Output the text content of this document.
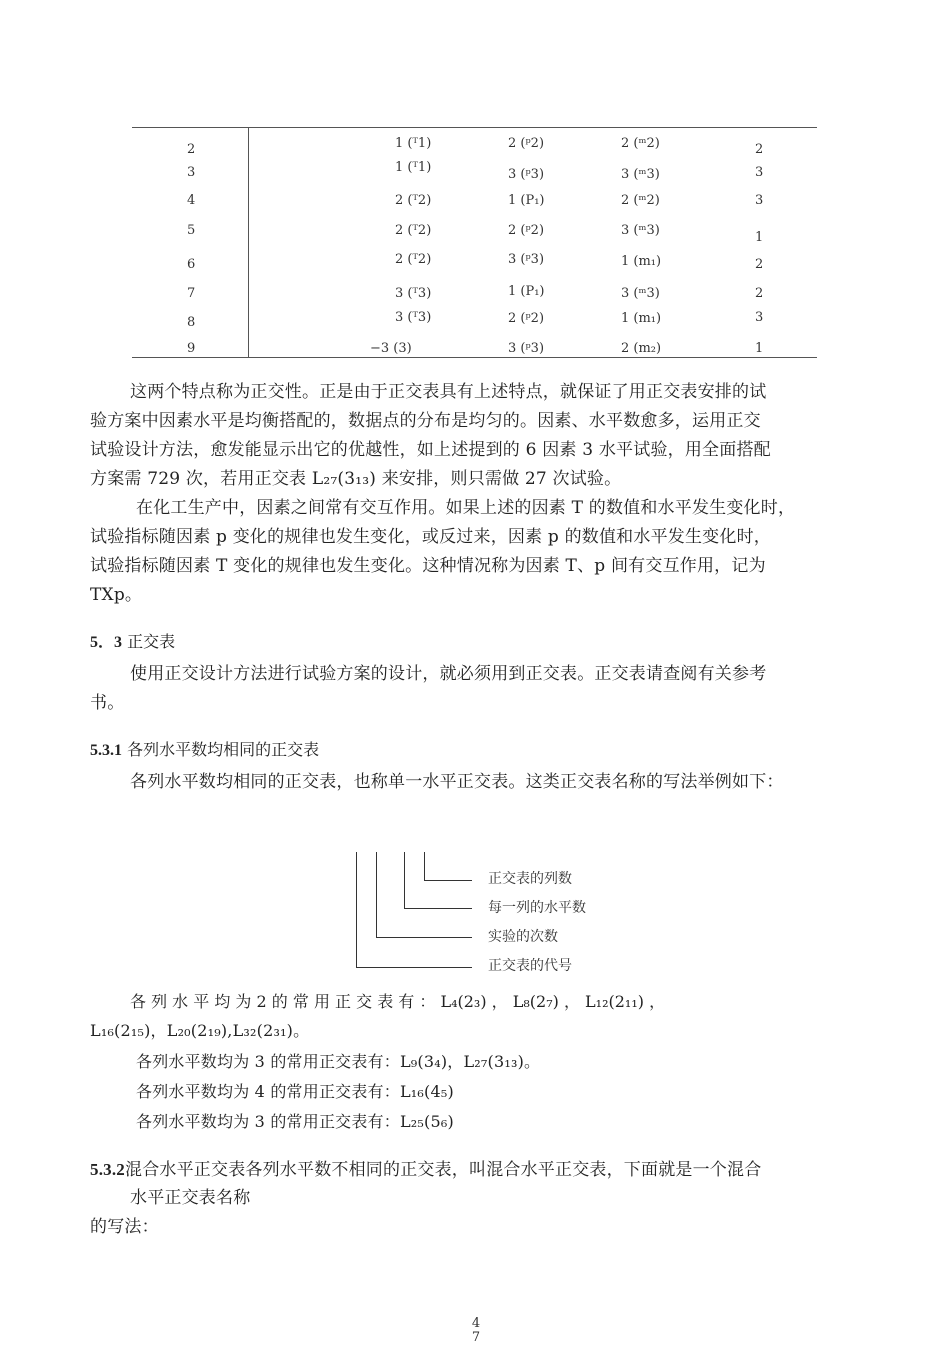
2	1 (ᵀ1)	2 (ᵖ2)	2 (ᵐ2)	2
3	1 (ᵀ1)	3 (ᵖ3)	3 (ᵐ3)	3
4	2 (ᵀ2)	1 (P₁)	2 (ᵐ2)	3
5	2 (ᵀ2)	2 (ᵖ2)	3 (ᵐ3)	1
6	2 (ᵀ2)	3 (ᵖ3)	1 (m₁)	2
7	3 (ᵀ3)	1 (P₁)	3 (ᵐ3)	2
8	3 (ᵀ3)	2 (ᵖ2)	1 (m₁)	3
9	−3 (3)	3 (ᵖ3)	2 (m₂)	1
这两个特点称为正交性。正是由于正交表具有上述特点，就保证了用正交表安排的试
验方案中因素水平是均衡搭配的，数据点的分布是均匀的。因素、水平数愈多，运用正交
试验设计方法，愈发能显示出它的优越性，如上述提到的 6 因素 3 水平试验，用全面搭配
方案需 729 次，若用正交表 L₂₇(3₁₃) 来安排，则只需做 27 次试验。
在化工生产中，因素之间常有交互作用。如果上述的因素 T 的数值和水平发生变化时，
试验指标随因素 p 变化的规律也发生变化，或反过来，因素 p 的数值和水平发生变化时，
试验指标随因素 T 变化的规律也发生变化。这种情况称为因素 T、p 间有交互作用，记为
TXp。
5．3 正交表
使用正交设计方法进行试验方案的设计，就必须用到正交表。正交表请查阅有关参考
书。
5.3.1 各列水平数均相同的正交表
各列水平数均相同的正交表，也称单一水平正交表。这类正交表名称的写法举例如下：
正交表的列数
每一列的水平数
实验的次数
正交表的代号
各 列 水 平 均 为 2 的 常 用 正 交 表 有 ： L₄(2₃) ， L₈(2₇) ， L₁₂(2₁₁) ，
L₁₆(2₁₅)，L₂₀(2₁₉),L₃₂(2₃₁)。
各列水平数均为 3 的常用正交表有：L₉(3₄)，L₂₇(3₁₃)。
各列水平数均为 4 的常用正交表有：L₁₆(4₅)
各列水平数均为 3 的常用正交表有：L₂₅(5₆)
5.3.2混合水平正交表各列水平数不相同的正交表，叫混合水平正交表，下面就是一个混合
水平正交表名称
的写法：
4
7
